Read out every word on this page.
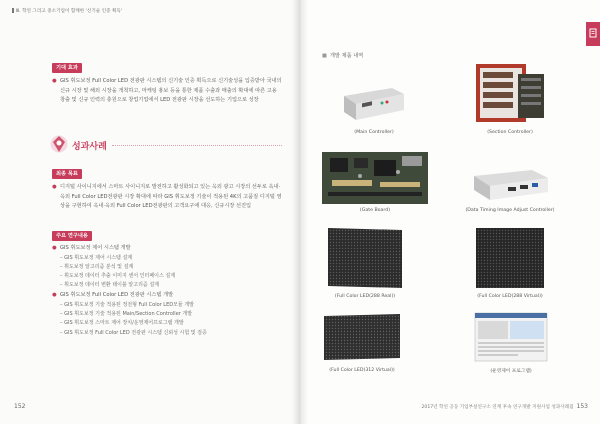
Ⅲ. 학연 그리고 중소기업이 함께한 '신기술 인증 획득'
기대 효과
● GIS 휘도보정 Full Color LED 전광판 시스템의 신기술 인증 획득으로 신기술성을 입증받아 국내의 신규 시장 및 해외 시장을 개척하고, 마케팅 홍보 등을 통한 제품 수출과 매출의 확대에 따른 고용 창출 및 신규 인력의 충원으로 창업기업에서 LED 전광판 시장을 선도하는 기업으로 성장
성과사례
최종 목표
● 디지털 사이니지에서 스마트 사이니지로 발전하고 활성화되고 있는 옥외 광고 시장의 선두로 옥내·옥외 Full Color LED전광판 시장 확대에 따라 GIS 휘도보정 기술이 적용된 4K의 고품질 디지털 영상을 구현하여 옥내·옥외 Full Color LED전광판의 고객요구에 대응, 신규시장 선진입
주요 연구내용
● GIS 휘도보정 제어 시스템 개발
– GIS 휘도보정 제어 시스템 설계
– 휘도보정 알고리즘 분석 및 설계
– 휘도보정 데이터 추출 이미지 센서 인터페이스 설계
– 휘도보정 데이터 변환 테이블 알고리즘 설계
● GIS 휘도보정 Full Color LED 전광판 시스템 개발
– GIS 휘도보정 기술 적용된 정전형 Full Color LED모듈 개발
– GIS 휘도보정 기술 적용된 Main/Section Controller 개발
– GIS 휘도보정 스마트 제어 장치/운영제어프로그램 개발
– GIS 휘도보정 Full Color LED 전광판 시스템 신뢰성 시험 및 검증
152
■ 개발 제품 내역
(Main Controller)	(Section Controller)
(Gate Board)	(Data Timing Image Adjust Controller)
(Full Color LED(288 Real))	(Full Color LED(288 Virtual))
(Full Color LED(312 Virtual))	(운영제어 프로그램)
2017년 학연 공동 기업부설연구소 연계 후속 연구개발 지원사업 성과사례집 153
